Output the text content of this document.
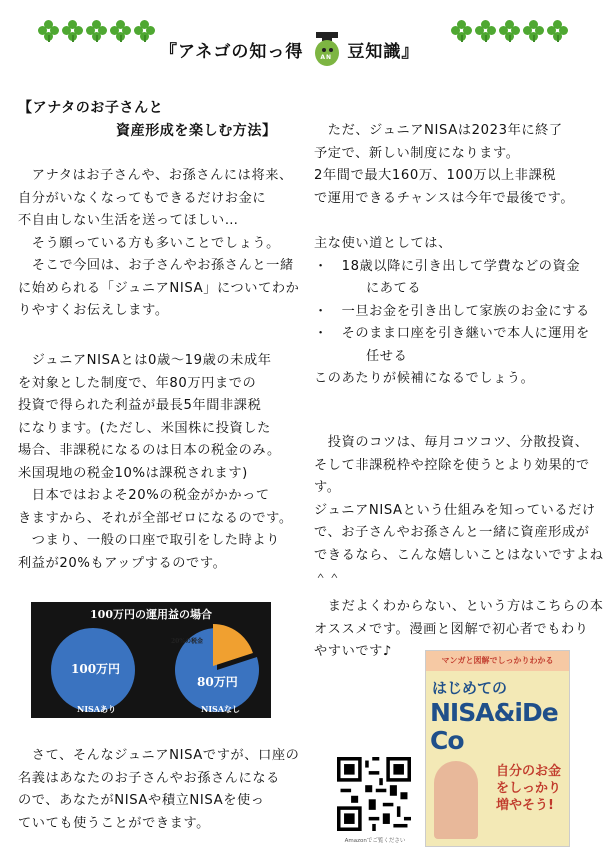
『アネゴの知っ得	AN 豆知識』

【アナタのお子さんと

資産形成を楽しむ方法】

　アナタはお子さんや、お孫さんには将来、

自分がいなくなってもできるだけお金に

不自由しない生活を送ってほしい…

　そう願っている方も多いことでしょう。

　そこで今回は、お子さんやお孫さんと一緒

に始められる「ジュニアNISA」についてわか

りやすくお伝えします。

　ジュニアNISAとは0歳～19歳の未成年

を対象とした制度で、年80万円までの

投資で得られた利益が最長5年間非課税

になります。(ただし、米国株に投資した

場合、非課税になるのは日本の税金のみ。

米国現地の税金10%は課税されます)

　日本ではおよそ20%の税金がかかって

きますから、それが全部ゼロになるのです。

　つまり、一般の口座で取引をした時より

利益が20%もアップするのです。

100万円の運用益の場合
100万円
80万円
20%の税金
NISAあり	NISAなし

　さて、そんなジュニアNISAですが、口座の

名義はあなたのお子さんやお孫さんになる

ので、あなたがNISAや積立NISAを使っ

ていても使うことができます。

　ただ、ジュニアNISAは2023年に終了

予定で、新しい制度になります。

2年間で最大160万、100万以上非課税

で運用できるチャンスは今年で最後です。

主な使い道としては、

・　18歳以降に引き出して学費などの資金
にあてる

・　一旦お金を引き出して家族のお金にする

・　そのまま口座を引き継いで本人に運用を
任せる

このあたりが候補になるでしょう。

　投資のコツは、毎月コツコツ、分散投資、

そして非課税枠や控除を使うとより効果的で

す。

ジュニアNISAという仕組みを知っているだけ

で、お子さんやお孫さんと一緒に資産形成が

できるなら、こんな嬉しいことはないですよね

＾＾

　まだよくわからない、という方はこちらの本

オススメです。漫画と図解で初心者でもわり

やすいです♪

Amazonでご覧ください
マンガと図解でしっかりわかる
はじめての
NISA&iDeCo
自分のお金をしっかり増やそう!
